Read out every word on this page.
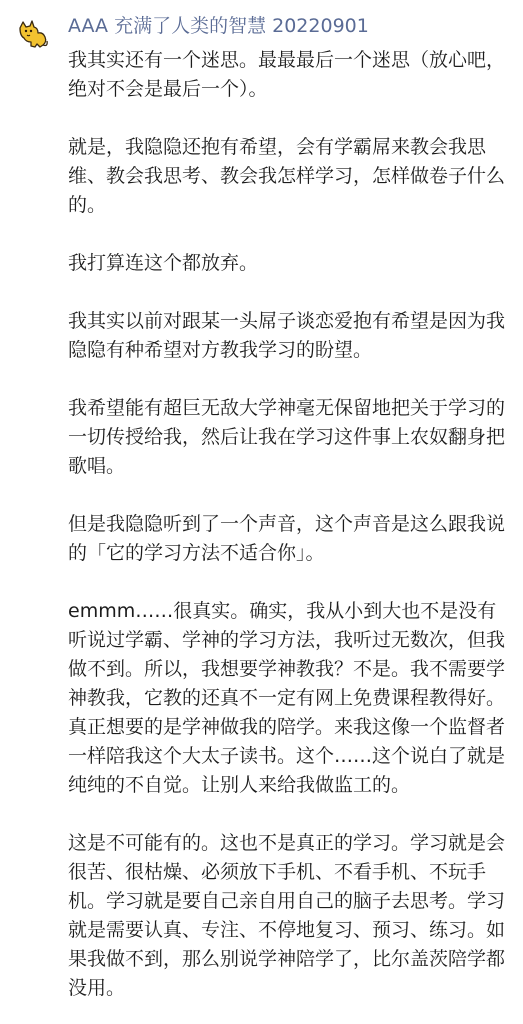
AAA 充满了人类的智慧 20220901

我其实还有一个迷思。最最最后一个迷思（放心吧，绝对不会是最后一个）。

就是，我隐隐还抱有希望，会有学霸屌来教会我思维、教会我思考、教会我怎样学习，怎样做卷子什么的。

我打算连这个都放弃。

我其实以前对跟某一头屌子谈恋爱抱有希望是因为我隐隐有种希望对方教我学习的盼望。

我希望能有超巨无敌大学神毫无保留地把关于学习的一切传授给我，然后让我在学习这件事上农奴翻身把歌唱。

但是我隐隐听到了一个声音，这个声音是这么跟我说的「它的学习方法不适合你」。

emmm……很真实。确实，我从小到大也不是没有听说过学霸、学神的学习方法，我听过无数次，但我做不到。所以，我想要学神教我？不是。我不需要学神教我，它教的还真不一定有网上免费课程教得好。真正想要的是学神做我的陪学。来我这像一个监督者一样陪我这个大太子读书。这个……这个说白了就是纯纯的不自觉。让别人来给我做监工的。

这是不可能有的。这也不是真正的学习。学习就是会很苦、很枯燥、必须放下手机、不看手机、不玩手机。学习就是要自己亲自用自己的脑子去思考。学习就是需要认真、专注、不停地复习、预习、练习。如果我做不到，那么别说学神陪学了，比尔盖茨陪学都没用。
